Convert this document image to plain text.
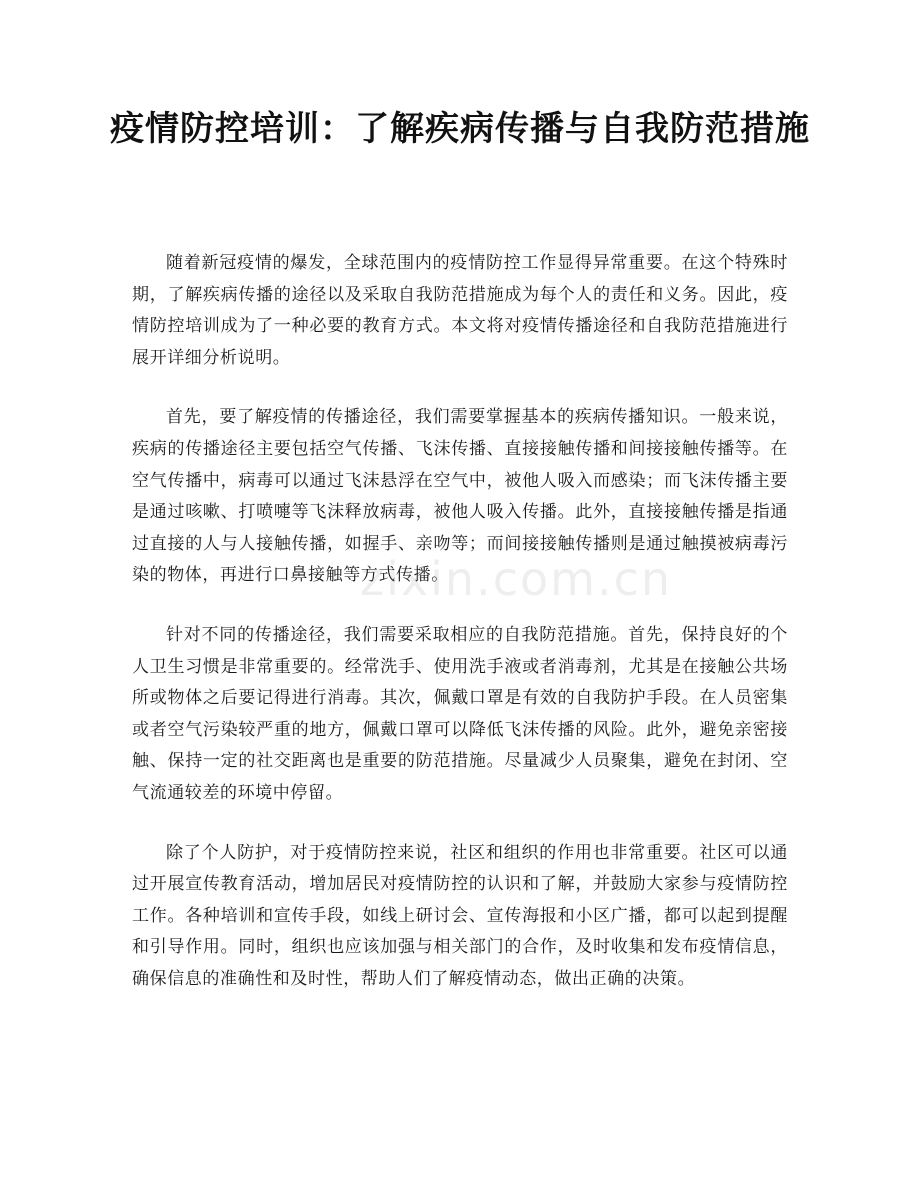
疫情防控培训：了解疾病传播与自我防范措施

随着新冠疫情的爆发，全球范围内的疫情防控工作显得异常重要。在这个特殊时期，了解疾病传播的途径以及采取自我防范措施成为每个人的责任和义务。因此，疫情防控培训成为了一种必要的教育方式。本文将对疫情传播途径和自我防范措施进行展开详细分析说明。

首先，要了解疫情的传播途径，我们需要掌握基本的疾病传播知识。一般来说，疾病的传播途径主要包括空气传播、飞沫传播、直接接触传播和间接接触传播等。在空气传播中，病毒可以通过飞沫悬浮在空气中，被他人吸入而感染；而飞沫传播主要是通过咳嗽、打喷嚏等飞沫释放病毒，被他人吸入传播。此外，直接接触传播是指通过直接的人与人接触传播，如握手、亲吻等；而间接接触传播则是通过触摸被病毒污染的物体，再进行口鼻接触等方式传播。

针对不同的传播途径，我们需要采取相应的自我防范措施。首先，保持良好的个人卫生习惯是非常重要的。经常洗手、使用洗手液或者消毒剂，尤其是在接触公共场所或物体之后要记得进行消毒。其次，佩戴口罩是有效的自我防护手段。在人员密集或者空气污染较严重的地方，佩戴口罩可以降低飞沫传播的风险。此外，避免亲密接触、保持一定的社交距离也是重要的防范措施。尽量减少人员聚集，避免在封闭、空气流通较差的环境中停留。

除了个人防护，对于疫情防控来说，社区和组织的作用也非常重要。社区可以通过开展宣传教育活动，增加居民对疫情防控的认识和了解，并鼓励大家参与疫情防控工作。各种培训和宣传手段，如线上研讨会、宣传海报和小区广播，都可以起到提醒和引导作用。同时，组织也应该加强与相关部门的合作，及时收集和发布疫情信息，确保信息的准确性和及时性，帮助人们了解疫情动态，做出正确的决策。

zixin.com.cn
